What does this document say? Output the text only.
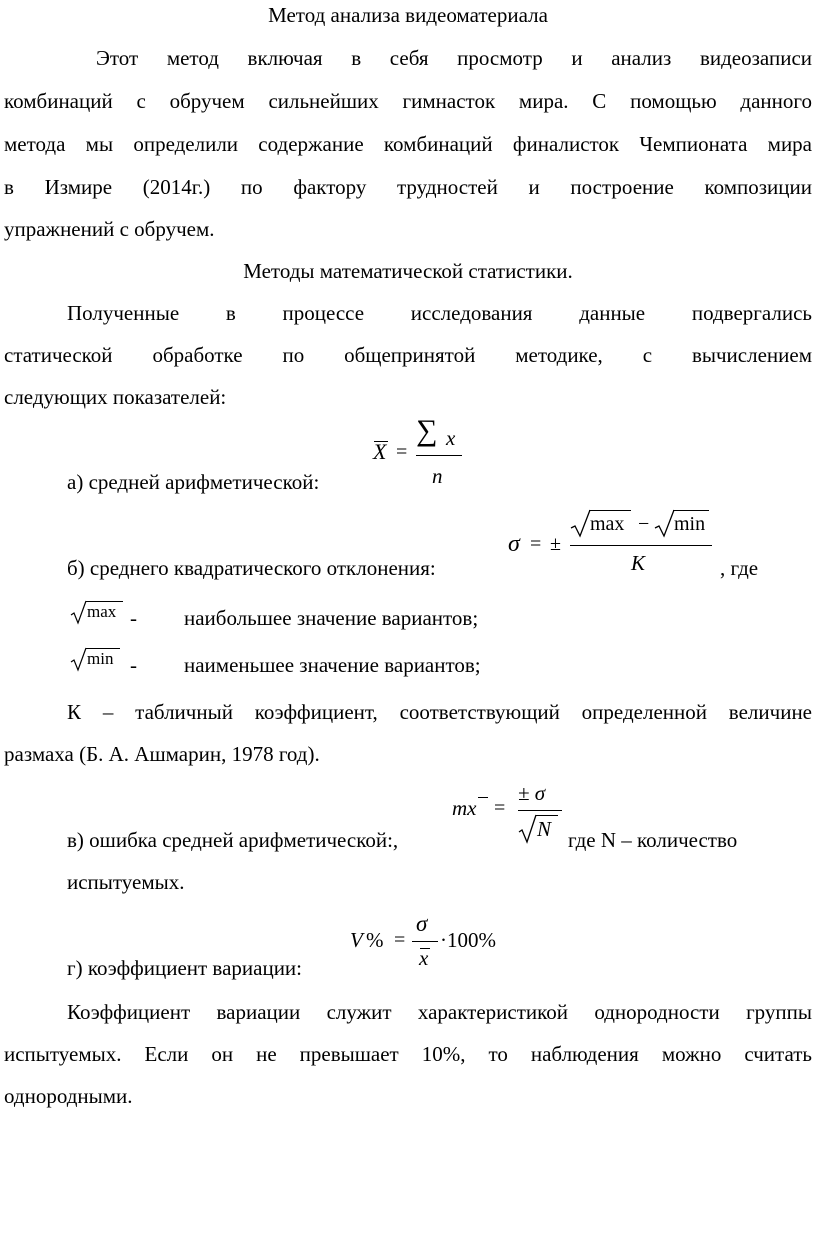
Метод анализа видеоматериала
Этот метод включая в себя просмотр и анализ видеозаписи
комбинаций с обручем сильнейших гимнасток мира. С помощью данного
метода мы определили содержание комбинаций финалисток Чемпионата мира
в Измире (2014г.) по фактору трудностей и построение композиции
упражнений с обручем.
Методы математической статистики.
Полученные в процессе исследования данные подвергались
статической обработке по общепринятой методике, с вычислением
следующих показателей:
а) средней арифметической:
X =
∑ x
n
б) среднего квадратического отклонения:
σ = ±
max − min
K	, где
max - наибольшее значение вариантов;
min - наименьшее значение вариантов;
К – табличный коэффициент, соответствующий определенной величине
размаха (Б. А. Ашмарин, 1978 год).
в) ошибка средней арифметической:,
mx =
± σ
N где N – количество
испытуемых.
г) коэффициент вариации:
V % =
σ
x
·100%
Коэффициент вариации служит характеристикой однородности группы
испытуемых. Если он не превышает 10%, то наблюдения можно считать
однородными.
